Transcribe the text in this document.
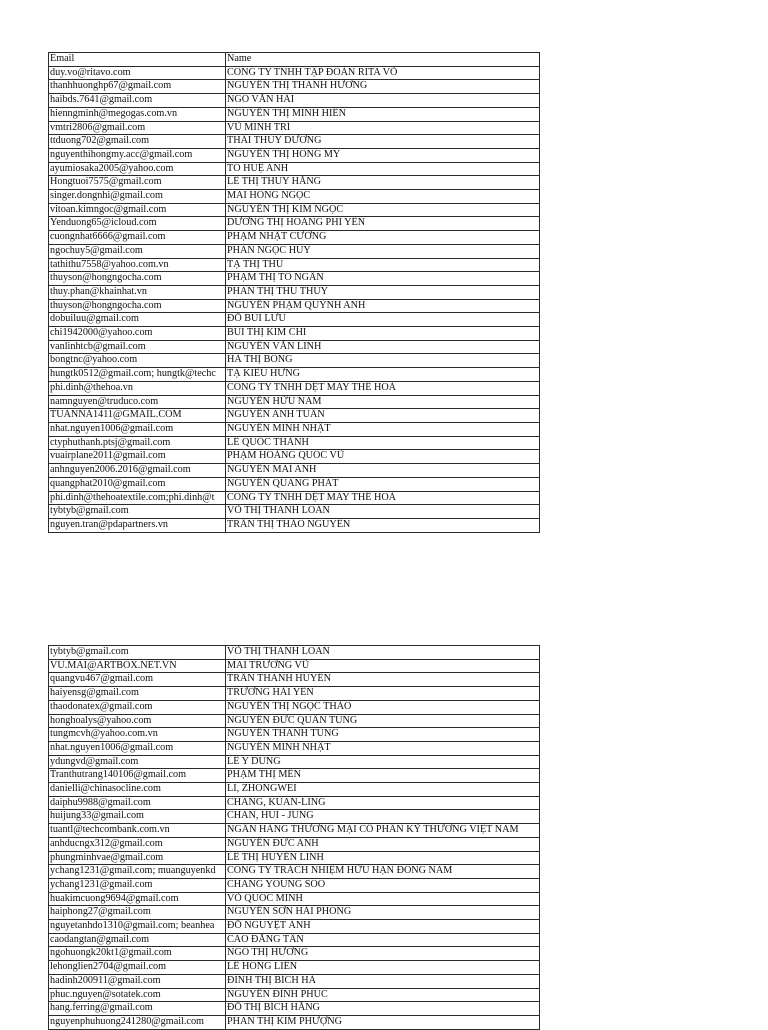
Email	Name
duy.vo@ritavo.com	CÔNG TY TNHH TẬP ĐOÀN RITA VÕ
thanhhuonghp67@gmail.com	NGUYỄN THỊ THANH HƯƠNG
haibds.7641@gmail.com	NGÔ VĂN HẢI
hienngminh@megogas.com.vn	NGUYỄN THỊ MINH HIỀN
vmtri2806@gmail.com	VŨ MINH TRÍ
ttduong702@gmail.com	THÁI THÙY DƯƠNG
nguyenthihongmy.acc@gmail.com	NGUYỄN THỊ HỒNG MY
ayumiosaka2005@yahoo.com	TÔ HUỆ ANH
Hongtuoi7575@gmail.com	LÊ THỊ THÚY HẰNG
singer.dongnhi@gmail.com	MAI HỒNG NGỌC
vitoan.kimngoc@gmail.com	NGUYỄN THỊ KIM NGỌC
Yenduong65@icloud.com	DƯƠNG THỊ HOÀNG PHI YẾN
cuongnhat6666@gmail.com	PHẠM NHẬT CƯỜNG
ngochuy5@gmail.com	PHAN NGỌC HUY
tathithu7558@yahoo.com.vn	TẠ THỊ THU
thuyson@hongngocha.com	PHẠM THỊ TỐ NGÂN
thuy.phan@khainhat.vn	PHAN THỊ THU THỦY
thuyson@hongngocha.com	NGUYỄN PHẠM QUỲNH ANH
dobuiluu@gmail.com	ĐỖ BÙI LƯU
chi1942000@yahoo.com	BÙI THỊ KIM CHI
vanlinhtcb@gmail.com	NGUYỄN VĂN LINH
bongtnc@yahoo.com	HÀ THỊ BÔNG
hungtk0512@gmail.com; hungtk@techc	TẠ KIỀU HƯNG
phi.dinh@thehoa.vn	CÔNG TY TNHH DỆT MAY THẾ HOÀ
namnguyen@truduco.com	NGUYỄN HỮU NAM
TUANNA1411@GMAIL.COM	NGUYỄN ANH TUẤN
nhat.nguyen1006@gmail.com	NGUYỄN MINH NHẬT
ctyphuthanh.ptsj@gmail.com	LÊ QUỐC THÀNH
vuairplane2011@gmail.com	PHẠM HOÀNG QUỐC VŨ
anhnguyen2006.2016@gmail.com	NGUYỄN MAI ANH
quangphat2010@gmail.com	NGUYỄN QUANG PHÁT
phi.dinh@thehoatextile.com;phi.dinh@t	CÔNG TY TNHH DỆT MAY THẾ HOÀ
tybtyb@gmail.com	VÕ THỊ THANH LOAN
nguyen.tran@pdapartners.vn	TRẦN THỊ THẢO NGUYÊN
tybtyb@gmail.com	VÕ THỊ THANH LOAN
VU.MAI@ARTBOX.NET.VN	MAI TRƯỜNG VŨ
quangvu467@gmail.com	TRẦN THANH HUYỀN
haiyensg@gmail.com	TRƯƠNG HẢI YẾN
thaodonatex@gmail.com	NGUYỄN THỊ NGỌC THẢO
honghoalys@yahoo.com	NGUYỄN ĐỨC QUÂN TÙNG
tungmcvh@yahoo.com.vn	NGUYỄN THANH TÙNG
nhat.nguyen1006@gmail.com	NGUYỄN MINH NHẬT
ydungvd@gmail.com	LÊ Y DUNG
Tranthutrang140106@gmail.com	PHẠM THỊ MẾN
danielli@chinasocline.com	LI, ZHONGWEI
daiphu9988@gmail.com	CHANG, KUAN-LING
huijung33@gmail.com	CHAN, HUI - JUNG
tuantl@techcombank.com.vn	NGÂN HÀNG THƯƠNG MẠI CỔ PHẦN KỸ THƯƠNG VIỆT NAM
anhducngx312@gmail.com	NGUYỄN ĐỨC ANH
phungminhvae@gmail.com	LÊ THỊ HUYỀN LINH
ychang1231@gmail.com; muanguyenkd	CÔNG TY TRÁCH NHIỆM HỮU HẠN ĐÔNG NAM
ychang1231@gmail.com	CHANG YOUNG SOO
huakimcuong9694@gmail.com	VÕ QUỐC MINH
haiphong27@gmail.com	NGUYỄN SƠN HẢI PHONG
nguyetanhdo1310@gmail.com; beanhea	ĐỖ NGUYỆT ÁNH
caodangtan@gmail.com	CAO ĐĂNG TÂN
ngohuongk20kt1@gmail.com	NGÔ THỊ HƯƠNG
lehonglien2704@gmail.com	LÊ HỒNG LIÊN
hadinh200911@gmail.com	ĐINH THỊ BÍCH HÀ
phuc.nguyen@sotatek.com	NGUYỄN ĐÌNH PHÚC
hang.ferring@gmail.com	ĐỖ THỊ BÍCH HẰNG
nguyenphuhuong241280@gmail.com	PHAN THỊ KIM PHƯỢNG
